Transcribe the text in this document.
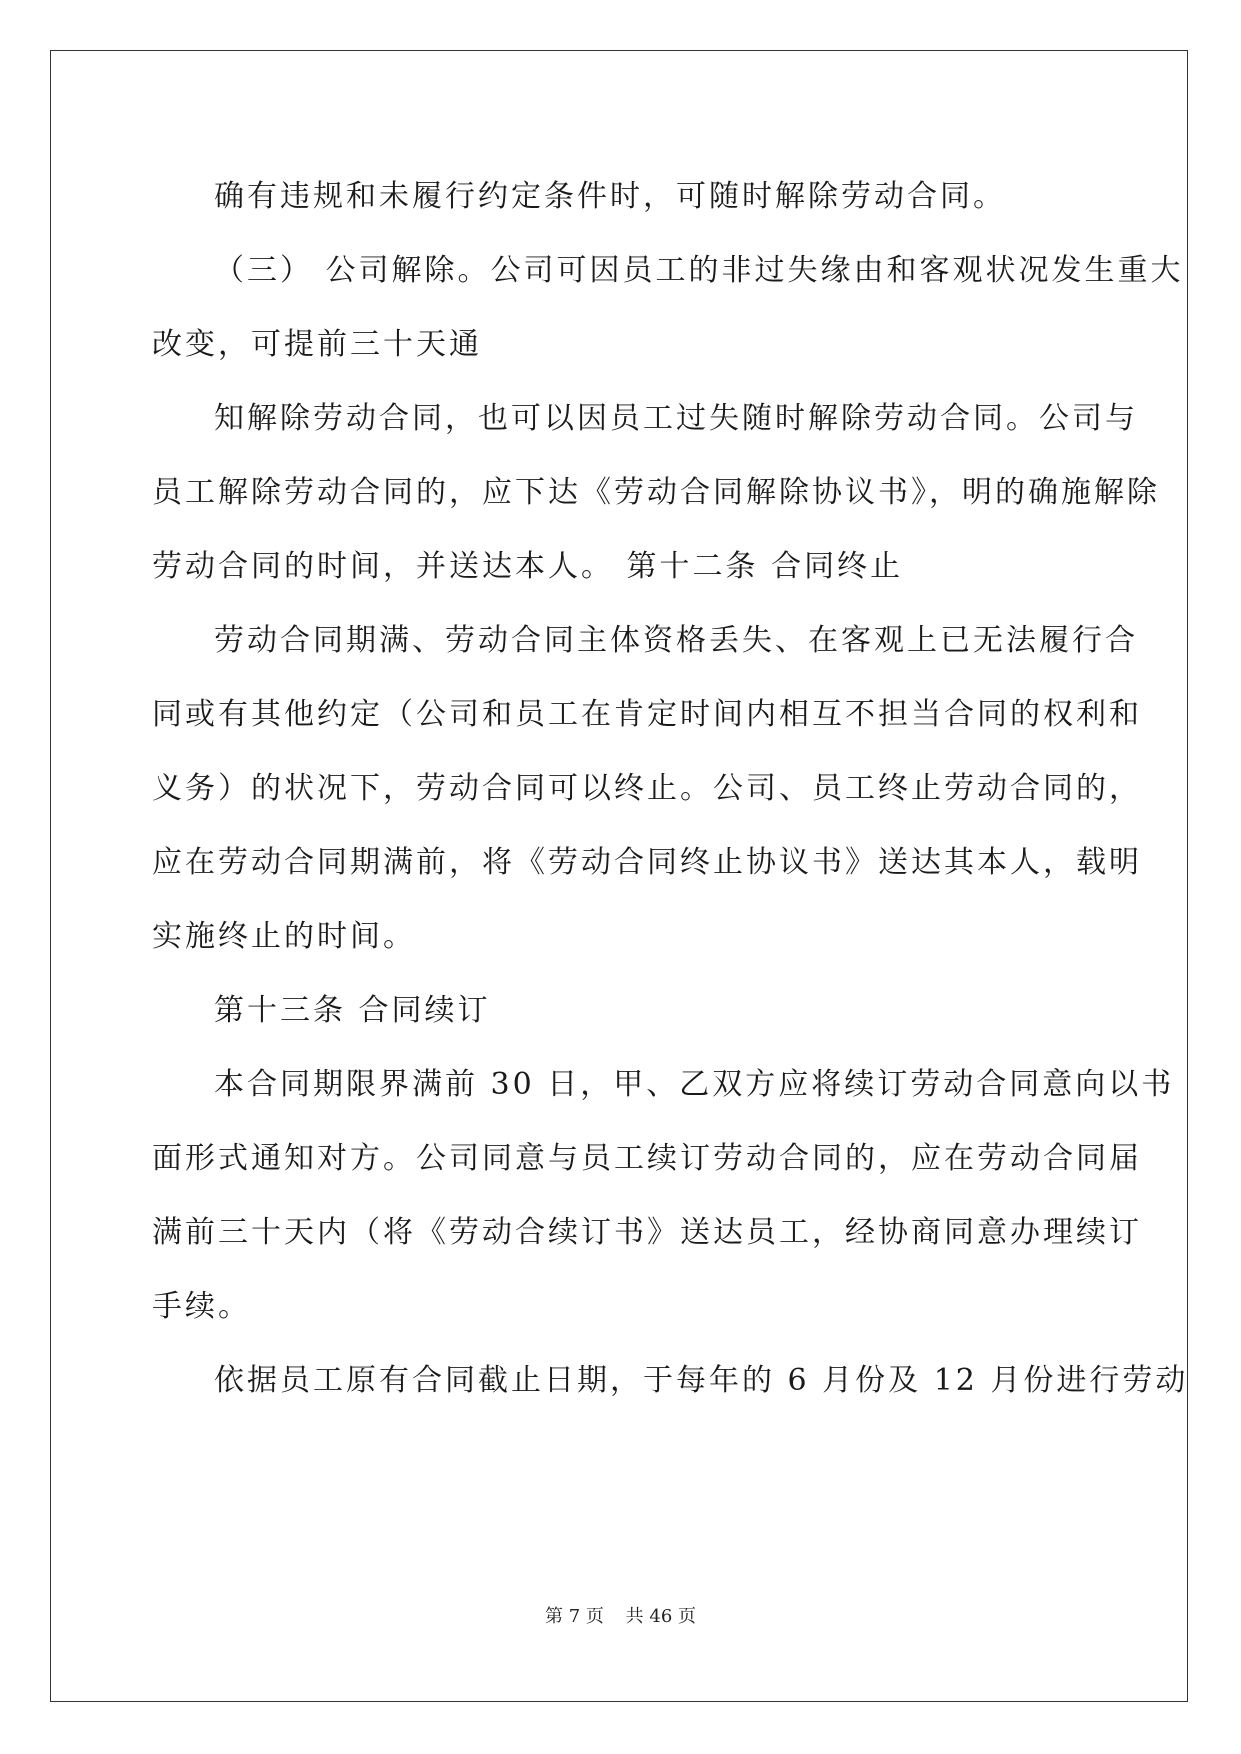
确有违规和未履行约定条件时，可随时解除劳动合同。
（三） 公司解除。公司可因员工的非过失缘由和客观状况发生重大
改变，可提前三十天通
知解除劳动合同，也可以因员工过失随时解除劳动合同。公司与
员工解除劳动合同的，应下达《劳动合同解除协议书》，明的确施解除
劳动合同的时间，并送达本人。 第十二条 合同终止
劳动合同期满、劳动合同主体资格丢失、在客观上已无法履行合
同或有其他约定（公司和员工在肯定时间内相互不担当合同的权利和
义务）的状况下，劳动合同可以终止。公司、员工终止劳动合同的，
应在劳动合同期满前，将《劳动合同终止协议书》送达其本人，载明
实施终止的时间。
第十三条 合同续订
本合同期限界满前 30 日，甲、乙双方应将续订劳动合同意向以书
面形式通知对方。公司同意与员工续订劳动合同的，应在劳动合同届
满前三十天内（将《劳动合续订书》送达员工，经协商同意办理续订
手续。
依据员工原有合同截止日期，于每年的 6 月份及 12 月份进行劳动
第 7 页 共 46 页
